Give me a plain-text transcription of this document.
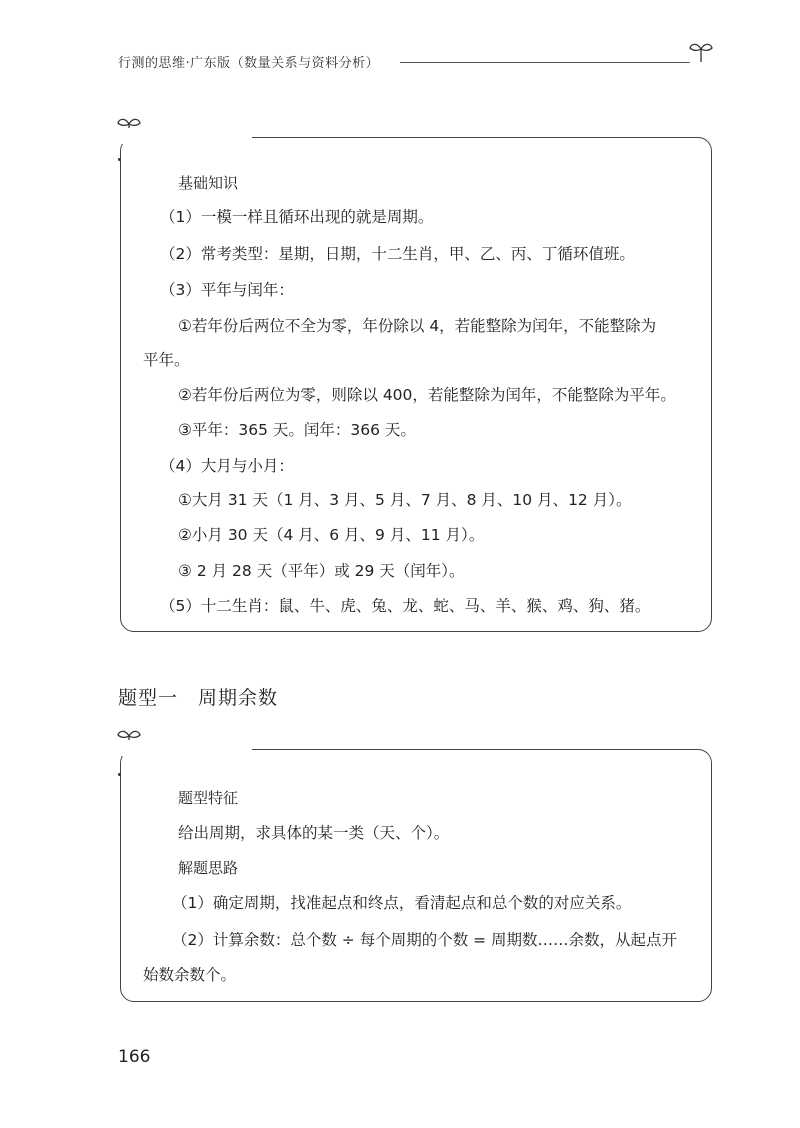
行测的思维·广东版（数量关系与资料分析）
基础知识
（1）一模一样且循环出现的就是周期。
（2）常考类型：星期，日期，十二生肖，甲、乙、丙、丁循环值班。
（3）平年与闰年：
①若年份后两位不全为零，年份除以 4，若能整除为闰年，不能整除为
平年。
②若年份后两位为零，则除以 400，若能整除为闰年，不能整除为平年。
③平年：365 天。闰年：366 天。
（4）大月与小月：
①大月 31 天（1 月、3 月、5 月、7 月、8 月、10 月、12 月）。
②小月 30 天（4 月、6 月、9 月、11 月）。
③ 2 月 28 天（平年）或 29 天（闰年）。
（5）十二生肖：鼠、牛、虎、兔、龙、蛇、马、羊、猴、鸡、狗、猪。
题型一　周期余数
题型特征
给出周期，求具体的某一类（天、个）。
解题思路
（1）确定周期，找准起点和终点，看清起点和总个数的对应关系。
（2）计算余数：总个数 ÷ 每个周期的个数 = 周期数……余数，从起点开
始数余数个。
166
